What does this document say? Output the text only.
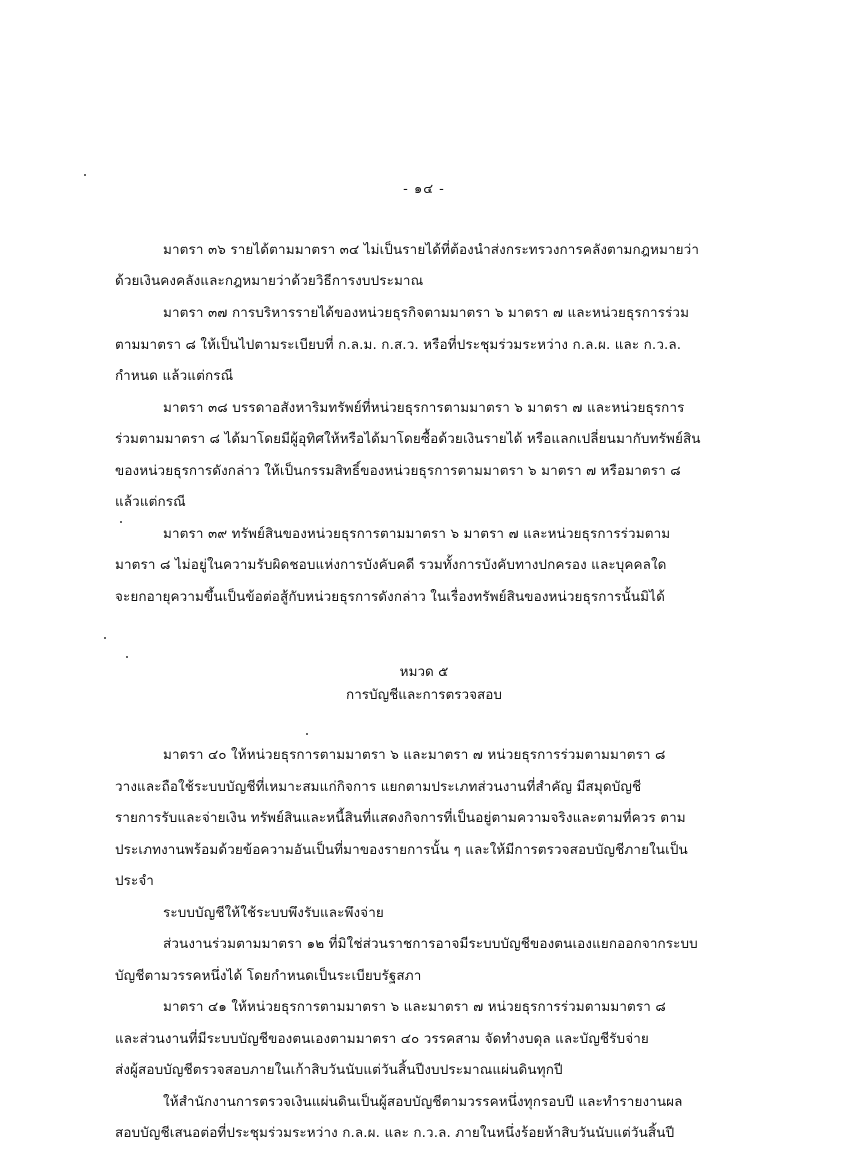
- ๑๔ -
มาตรา ๓๖ รายได้ตามมาตรา ๓๔ ไม่เป็นรายได้ที่ต้องนำส่งกระทรวงการคลังตามกฎหมายว่า
ด้วยเงินคงคลังและกฎหมายว่าด้วยวิธีการงบประมาณ
มาตรา ๓๗ การบริหารรายได้ของหน่วยธุรกิจตามมาตรา ๖ มาตรา ๗ และหน่วยธุรการร่วม
ตามมาตรา ๘ ให้เป็นไปตามระเบียบที่ ก.ล.ม. ก.ส.ว. หรือที่ประชุมร่วมระหว่าง ก.ล.ผ. และ ก.ว.ล.
กำหนด แล้วแต่กรณี
มาตรา ๓๘ บรรดาอสังหาริมทรัพย์ที่หน่วยธุรการตามมาตรา ๖ มาตรา ๗ และหน่วยธุรการ
ร่วมตามมาตรา ๘ ได้มาโดยมีผู้อุทิศให้หรือได้มาโดยซื้อด้วยเงินรายได้ หรือแลกเปลี่ยนมากับทรัพย์สิน
ของหน่วยธุรการดังกล่าว ให้เป็นกรรมสิทธิ์ของหน่วยธุรการตามมาตรา ๖ มาตรา ๗ หรือมาตรา ๘
แล้วแต่กรณี
มาตรา ๓๙ ทรัพย์สินของหน่วยธุรการตามมาตรา ๖ มาตรา ๗ และหน่วยธุรการร่วมตาม
มาตรา ๘ ไม่อยู่ในความรับผิดชอบแห่งการบังคับคดี รวมทั้งการบังคับทางปกครอง และบุคคลใด
จะยกอายุความขึ้นเป็นข้อต่อสู้กับหน่วยธุรการดังกล่าว ในเรื่องทรัพย์สินของหน่วยธุรการนั้นมิได้
หมวด ๕
การบัญชีและการตรวจสอบ
มาตรา ๔๐ ให้หน่วยธุรการตามมาตรา ๖ และมาตรา ๗ หน่วยธุรการร่วมตามมาตรา ๘
วางและถือใช้ระบบบัญชีที่เหมาะสมแก่กิจการ แยกตามประเภทส่วนงานที่สำคัญ มีสมุดบัญชี
รายการรับและจ่ายเงิน ทรัพย์สินและหนี้สินที่แสดงกิจการที่เป็นอยู่ตามความจริงและตามที่ควร ตาม
ประเภทงานพร้อมด้วยข้อความอันเป็นที่มาของรายการนั้น ๆ และให้มีการตรวจสอบบัญชีภายในเป็น
ประจำ
ระบบบัญชีให้ใช้ระบบพึงรับและพึงจ่าย
ส่วนงานร่วมตามมาตรา ๑๒ ที่มิใช่ส่วนราชการอาจมีระบบบัญชีของตนเองแยกออกจากระบบ
บัญชีตามวรรคหนึ่งได้ โดยกำหนดเป็นระเบียบรัฐสภา
มาตรา ๔๑ ให้หน่วยธุรการตามมาตรา ๖ และมาตรา ๗ หน่วยธุรการร่วมตามมาตรา ๘
และส่วนงานที่มีระบบบัญชีของตนเองตามมาตรา ๔๐ วรรคสาม จัดทำงบดุล และบัญชีรับจ่าย
ส่งผู้สอบบัญชีตรวจสอบภายในเก้าสิบวันนับแต่วันสิ้นปีงบประมาณแผ่นดินทุกปี
ให้สำนักงานการตรวจเงินแผ่นดินเป็นผู้สอบบัญชีตามวรรคหนึ่งทุกรอบปี และทำรายงานผล
สอบบัญชีเสนอต่อที่ประชุมร่วมระหว่าง ก.ล.ผ. และ ก.ว.ล. ภายในหนึ่งร้อยห้าสิบวันนับแต่วันสิ้นปี
